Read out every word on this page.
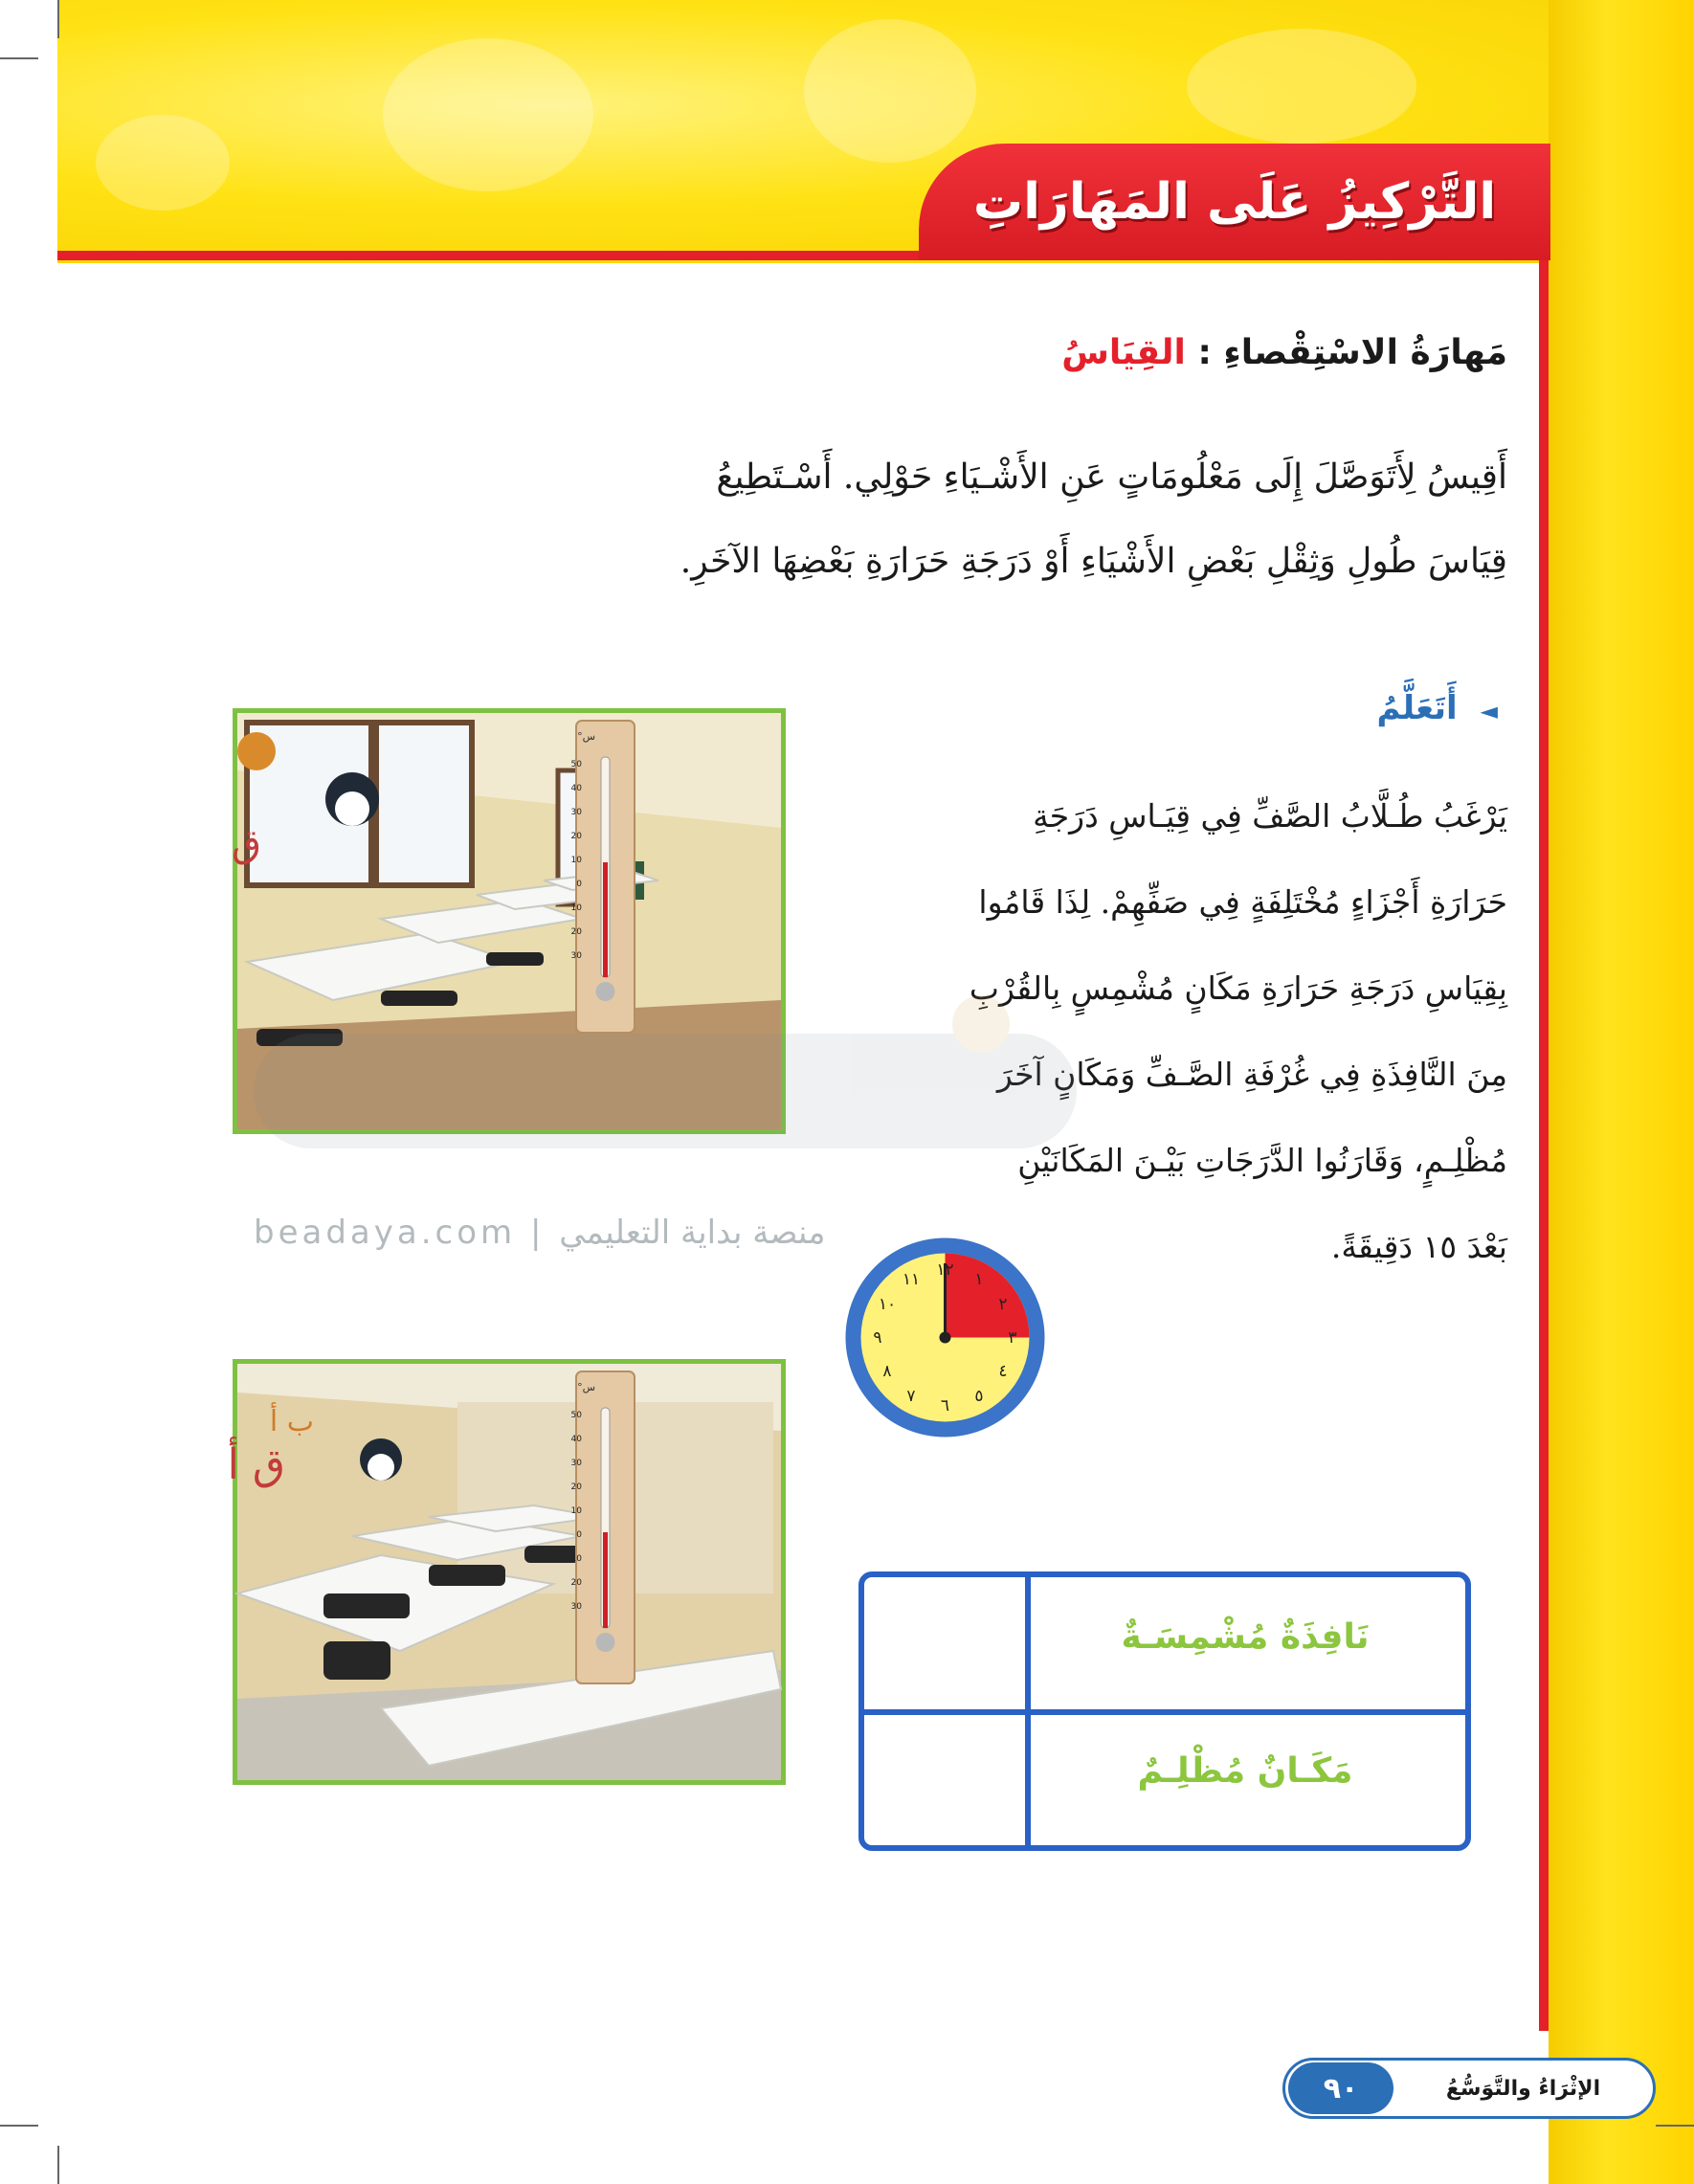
التَّرْكِيزُ عَلَى المَهَارَاتِ
مَهارَةُ الاسْتِقْصاءِ : القِيَاسُ
أَقِيسُ لِأَتَوَصَّلَ إِلَى مَعْلُومَاتٍ عَنِ الأَشْـيَاءِ حَوْلِي. أَسْـتَطِيعُ
قِيَاسَ طُولِ وَثِقْلِ بَعْضِ الأَشْيَاءِ أَوْ دَرَجَةِ حَرَارَةِ بَعْضِهَا الآخَرِ.
◄ أَتَعَلَّمُ
يَرْغَبُ طُـلَّابُ الصَّفِّ فِي قِيَـاسِ دَرَجَةِ
حَرَارَةِ أَجْزَاءٍ مُخْتَلِفَةٍ فِي صَفِّهِمْ. لِذَا قَامُوا
بِقِيَاسِ دَرَجَةِ حَرَارَةِ مَكَانٍ مُشْمِسٍ بِالقُرْبِ
مِنَ النَّافِذَةِ فِي غُرْفَةِ الصَّـفِّ وَمَكَانٍ آخَرَ
مُظْلِـمٍ، وَقَارَنُوا الدَّرَجَاتِ بَيْـنَ المَكَانَيْنِ
بَعْدَ ١٥ دَقِيقَةً.
ق
س°
50
40
30
20
10
0
10
20
30
ق أ
ب أ
س°
50
40
30
20
10
0
10
20
30
beadaya.com | منصة بداية التعليمي
١٢ ١
٢
٣
٤
٥
٦
٧
٨
٩
١٠
١١
نَافِذَةٌ مُشْمِسَـةٌ
مَكَـانٌ مُظْلِـمٌ
٩٠	الإثْرَاءُ والتَّوَسُّعُ
